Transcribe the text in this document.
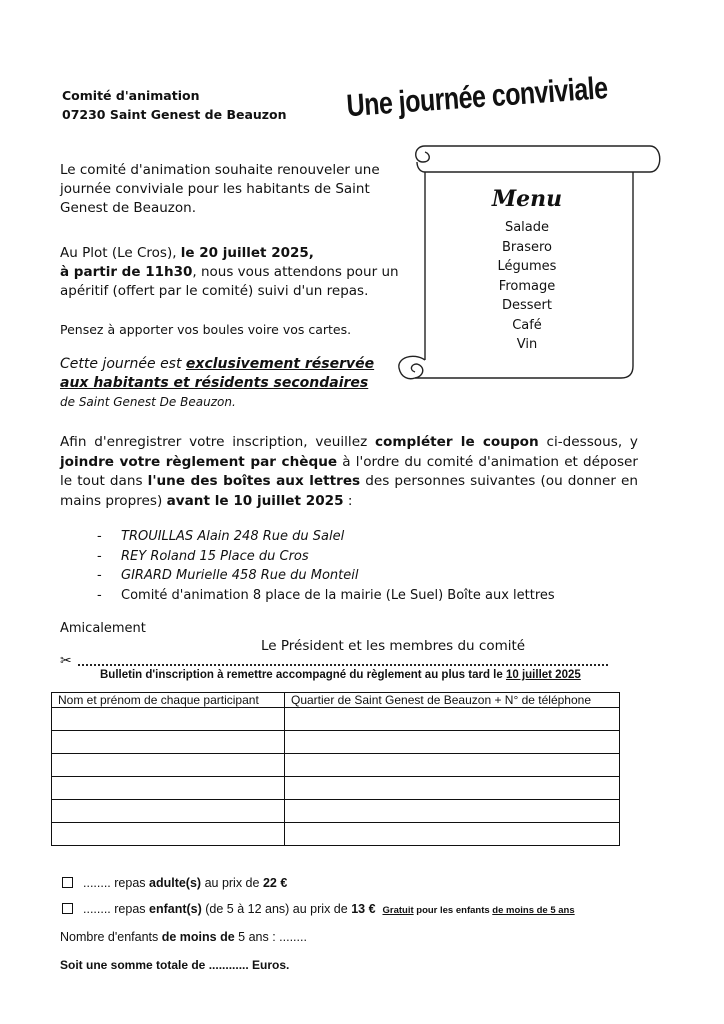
Comité d'animation
07230 Saint Genest de Beauzon Une journée conviviale
Le comité d'animation souhaite renouveler une journée conviviale pour les habitants de Saint Genest de Beauzon.
Au Plot (Le Cros), le 20 juillet 2025,
à partir de 11h30, nous vous attendons pour un apéritif (offert par le comité) suivi d'un repas.
Pensez à apporter vos boules voire vos cartes.
Cette journée est exclusivement réservée aux habitants et résidents secondaires
de Saint Genest De Beauzon.
Menu
Salade
Brasero
Légumes
Fromage
Dessert
Café
Vin
Afin d'enregistrer votre inscription, veuillez compléter le coupon ci-dessous, y joindre votre règlement par chèque à l'ordre du comité d'animation et déposer le tout dans l'une des boîtes aux lettres des personnes suivantes (ou donner en mains propres) avant le 10 juillet 2025 :
- TROUILLAS Alain 248 Rue du Salel
- REY Roland 15 Place du Cros
- GIRARD Murielle 458 Rue du Monteil
- Comité d'animation 8 place de la mairie (Le Suel) Boîte aux lettres
Amicalement
Le Président et les membres du comité
✂
Bulletin d'inscription à remettre accompagné du règlement au plus tard le 10 juillet 2025
Nom et prénom de chaque participant	Quartier de Saint Genest de Beauzon + N° de téléphone

........ repas adulte(s) au prix de 22 €
........ repas enfant(s) (de 5 à 12 ans) au prix de 13 € Gratuit pour les enfants de moins de 5 ans
Nombre d'enfants de moins de 5 ans : ........
Soit une somme totale de ............ Euros.
